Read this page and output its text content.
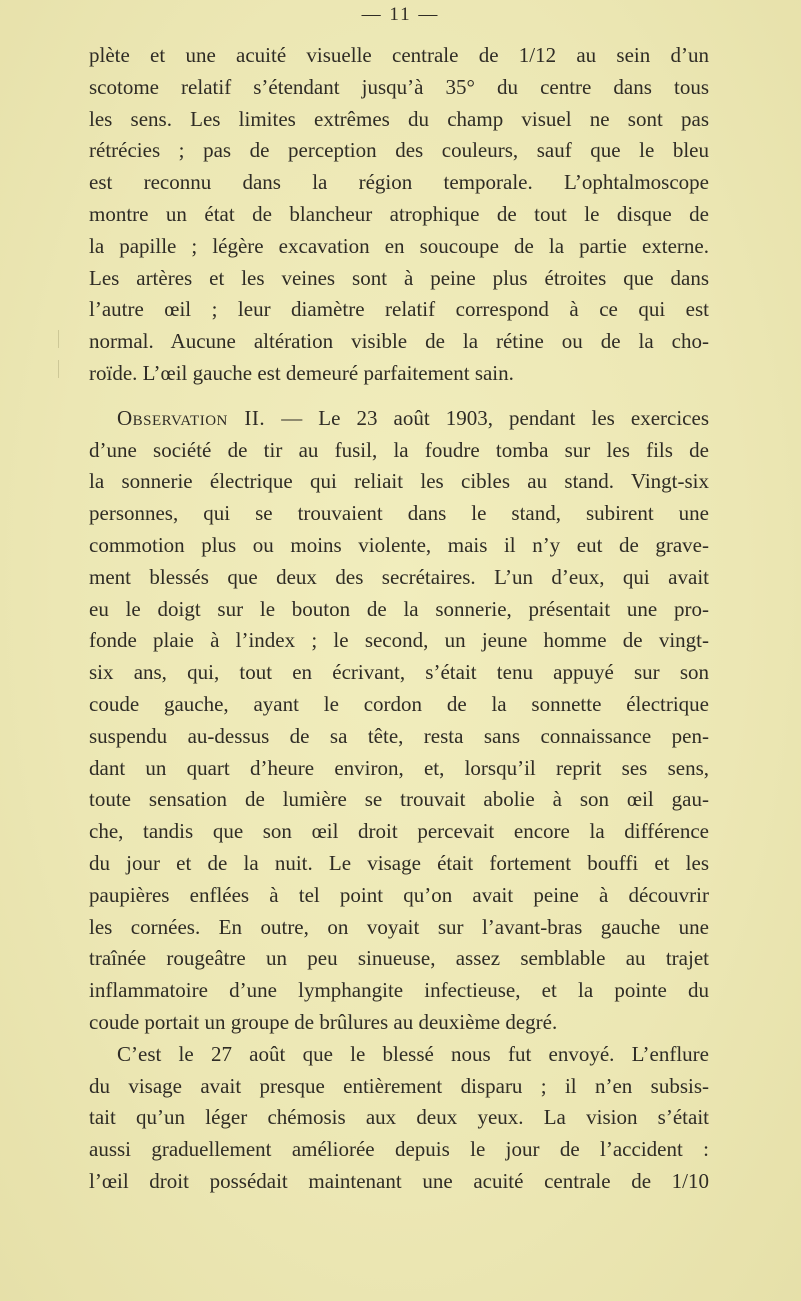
— 11 —
plète et une acuité visuelle centrale de 1/12 au sein d’un
scotome relatif s’étendant jusqu’à 35° du centre dans tous
les sens. Les limites extrêmes du champ visuel ne sont pas
rétrécies ; pas de perception des couleurs, sauf que le bleu
est reconnu dans la région temporale. L’ophtalmoscope
montre un état de blancheur atrophique de tout le disque de
la papille ; légère excavation en soucoupe de la partie externe.
Les artères et les veines sont à peine plus étroites que dans
l’autre œil ; leur diamètre relatif correspond à ce qui est
normal. Aucune altération visible de la rétine ou de la cho-
roïde. L’œil gauche est demeuré parfaitement sain.
Observation II. — Le 23 août 1903, pendant les exercices
d’une société de tir au fusil, la foudre tomba sur les fils de
la sonnerie électrique qui reliait les cibles au stand. Vingt-six
personnes, qui se trouvaient dans le stand, subirent une
commotion plus ou moins violente, mais il n’y eut de grave-
ment blessés que deux des secrétaires. L’un d’eux, qui avait
eu le doigt sur le bouton de la sonnerie, présentait une pro-
fonde plaie à l’index ; le second, un jeune homme de vingt-
six ans, qui, tout en écrivant, s’était tenu appuyé sur son
coude gauche, ayant le cordon de la sonnette électrique
suspendu au-dessus de sa tête, resta sans connaissance pen-
dant un quart d’heure environ, et, lorsqu’il reprit ses sens,
toute sensation de lumière se trouvait abolie à son œil gau-
che, tandis que son œil droit percevait encore la différence
du jour et de la nuit. Le visage était fortement bouffi et les
paupières enflées à tel point qu’on avait peine à découvrir
les cornées. En outre, on voyait sur l’avant-bras gauche une
traînée rougeâtre un peu sinueuse, assez semblable au trajet
inflammatoire d’une lymphangite infectieuse, et la pointe du
coude portait un groupe de brûlures au deuxième degré.
C’est le 27 août que le blessé nous fut envoyé. L’enflure
du visage avait presque entièrement disparu ; il n’en subsis-
tait qu’un léger chémosis aux deux yeux. La vision s’était
aussi graduellement améliorée depuis le jour de l’accident :
l’œil droit possédait maintenant une acuité centrale de 1/10
